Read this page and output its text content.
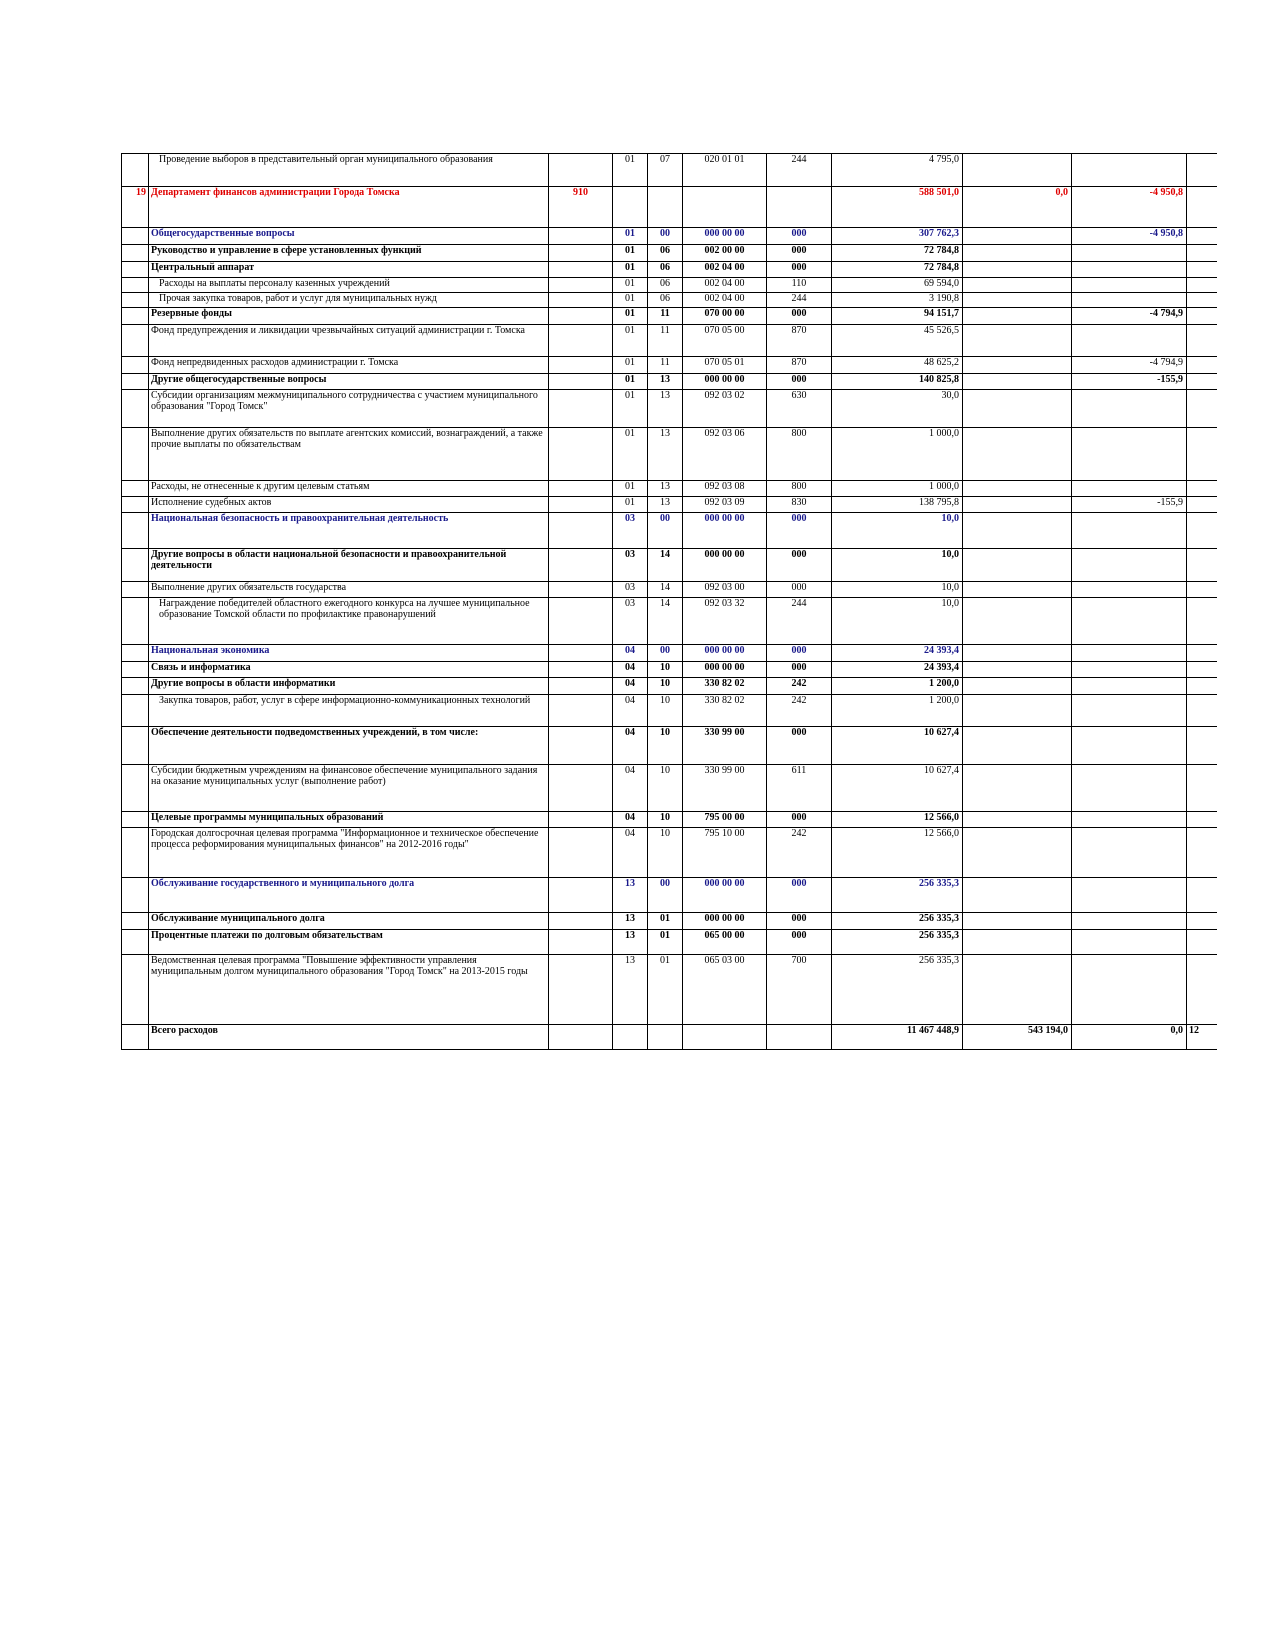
	Проведение выборов в представительный орган муниципального образования		01	07	020 01 01	244	4 795,0			
19	Департамент финансов администрации Города Томска	910					588 501,0	0,0	-4 950,8	
	Общегосударственные вопросы		01	00	000 00 00	000	307 762,3		-4 950,8	
	Руководство и управление в сфере установленных функций		01	06	002 00 00	000	72 784,8			
	Центральный аппарат		01	06	002 04 00	000	72 784,8			
	Расходы на выплаты персоналу казенных учреждений		01	06	002 04 00	110	69 594,0			
	Прочая закупка товаров, работ и услуг для муниципальных нужд		01	06	002 04 00	244	3 190,8			
	Резервные фонды		01	11	070 00 00	000	94 151,7		-4 794,9	
	Фонд предупреждения и ликвидации чрезвычайных ситуаций администрации г. Томска		01	11	070 05 00	870	45 526,5			
	Фонд непредвиденных расходов администрации г. Томска		01	11	070 05 01	870	48 625,2		-4 794,9	
	Другие общегосударственные вопросы		01	13	000 00 00	000	140 825,8		-155,9	
	Субсидии организациям межмуниципального сотрудничества с участием муниципального образования "Город Томск"		01	13	092 03 02	630	30,0			
	Выполнение других обязательств по выплате агентских комиссий, вознаграждений, а также прочие выплаты по обязательствам		01	13	092 03 06	800	1 000,0			
	Расходы, не отнесенные к другим целевым статьям		01	13	092 03 08	800	1 000,0			
	Исполнение судебных актов		01	13	092 03 09	830	138 795,8		-155,9	
	Национальная безопасность и правоохранительная деятельность		03	00	000 00 00	000	10,0			
	Другие вопросы в области национальной безопасности и правоохранительной деятельности		03	14	000 00 00	000	10,0			
	Выполнение других обязательств государства		03	14	092 03 00	000	10,0			
	Награждение победителей областного ежегодного конкурса на лучшее муниципальное образование Томской области по профилактике правонарушений		03	14	092 03 32	244	10,0			
	Национальная экономика		04	00	000 00 00	000	24 393,4			
	Связь и информатика		04	10	000 00 00	000	24 393,4			
	Другие вопросы в области информатики		04	10	330 82 02	242	1 200,0			
	Закупка товаров, работ, услуг в сфере информационно-коммуникационных технологий		04	10	330 82 02	242	1 200,0			
	Обеспечение деятельности подведомственных учреждений, в том числе:		04	10	330 99 00	000	10 627,4			
	Субсидии бюджетным учреждениям на финансовое обеспечение муниципального задания на оказание муниципальных услуг (выполнение работ)		04	10	330 99 00	611	10 627,4			
	Целевые программы муниципальных образований		04	10	795 00 00	000	12 566,0			
	Городская долгосрочная целевая программа "Информационное и техническое обеспечение процесса реформирования муниципальных финансов" на 2012-2016 годы"		04	10	795 10 00	242	12 566,0			
	Обслуживание государственного и муниципального долга		13	00	000 00 00	000	256 335,3			
	Обслуживание муниципального долга		13	01	000 00 00	000	256 335,3			
	Процентные платежи по долговым обязательствам		13	01	065 00 00	000	256 335,3			
	Ведомственная целевая программа "Повышение эффективности управления муниципальным долгом муниципального образования "Город Томск" на 2013-2015 годы		13	01	065 03 00	700	256 335,3			
	Всего расходов						11 467 448,9	543 194,0	0,0	12
